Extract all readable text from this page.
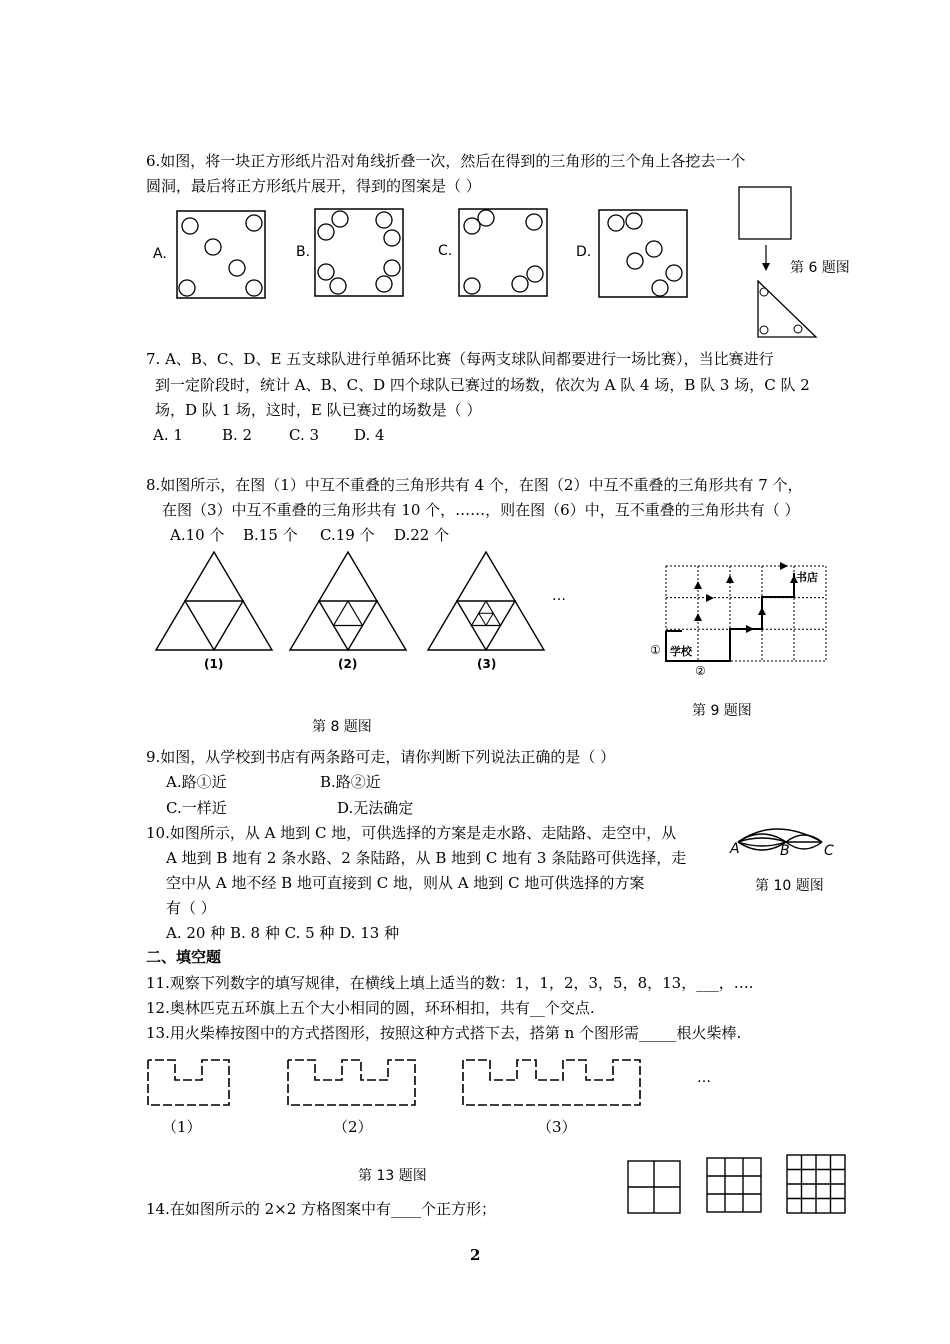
6.如图，将一块正方形纸片沿对角线折叠一次，然后在得到的三角形的三个角上各挖去一个
圆洞，最后将正方形纸片展开，得到的图案是（ ）
A.	B.	C.	D.
第 6 题图
7. A、B、C、D、E 五支球队进行单循环比赛（每两支球队间都要进行一场比赛），当比赛进行
到一定阶段时，统计 A、B、C、D 四个球队已赛过的场数，依次为 A 队 4 场，B 队 3 场，C 队 2
场，D 队 1 场，这时，E 队已赛过的场数是（ ）
A. 1	B. 2 C. 3 D. 4
8.如图所示，在图（1）中互不重叠的三角形共有 4 个，在图（2）中互不重叠的三角形共有 7 个，
在图（3）中互不重叠的三角形共有 10 个，……，则在图（6）中，互不重叠的三角形共有（ ）
A.10 个 B.15 个 C.19 个 D.22 个
(1)	(2)	(3)
…
第 8 题图
书店
学校
①
②
第 9 题图
9.如图，从学校到书店有两条路可走，请你判断下列说法正确的是（ ）
A.路①近	B.路②近
C.一样近	D.无法确定
10.如图所示，从 A 地到 C 地，可供选择的方案是走水路、走陆路、走空中，从
A 地到 B 地有 2 条水路、2 条陆路，从 B 地到 C 地有 3 条陆路可供选择，走
空中从 A 地不经 B 地可直接到 C 地，则从 A 地到 C 地可供选择的方案
有（ ）
A. 20 种 B. 8 种 C. 5 种 D. 13 种
A	B C
第 10 题图
二、填空题
11.观察下列数字的填写规律，在横线上填上适当的数：1，1，2，3，5，8，13，___，….
12.奥林匹克五环旗上五个大小相同的圆，环环相扣，共有__个交点.
13.用火柴棒按图中的方式搭图形，按照这种方式搭下去，搭第 n 个图形需_____根火柴棒.
…
（1）	（2）	（3）
第 13 题图
14.在如图所示的 2×2 方格图案中有____个正方形；
2
